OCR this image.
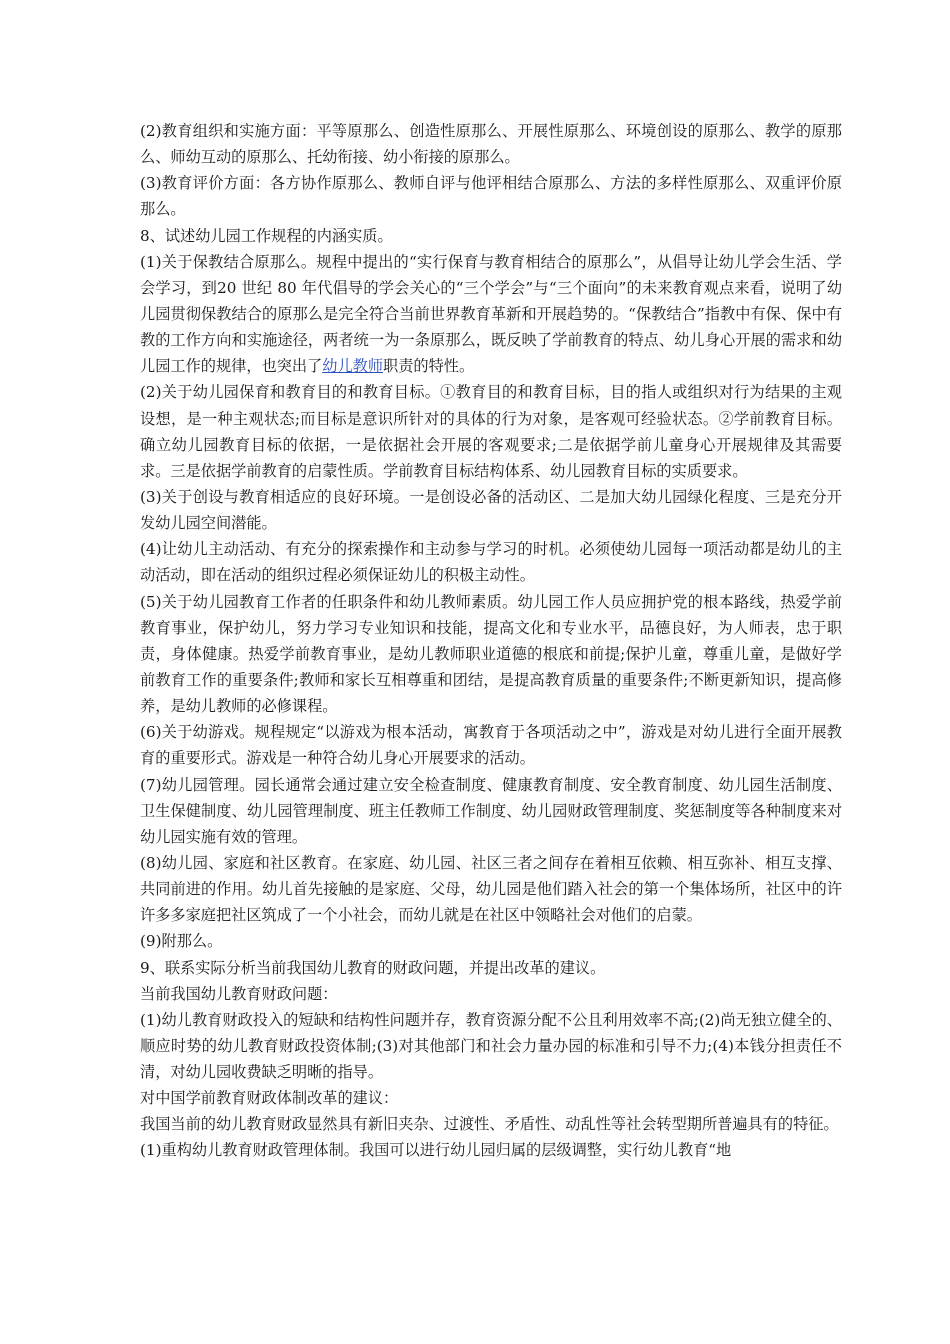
(2)教育组织和实施方面：平等原那么、创造性原那么、开展性原那么、环境创设的原那么、教学的原那么、师幼互动的原那么、托幼衔接、幼小衔接的原那么。

(3)教育评价方面：各方协作原那么、教师自评与他评相结合原那么、方法的多样性原那么、双重评价原那么。

8、试述幼儿园工作规程的内涵实质。

(1)关于保教结合原那么。规程中提出的“实行保育与教育相结合的原那么”，从倡导让幼儿学会生活、学会学习，到20 世纪 80 年代倡导的学会关心的“三个学会”与“三个面向”的未来教育观点来看，说明了幼儿园贯彻保教结合的原那么是完全符合当前世界教育革新和开展趋势的。“保教结合”指教中有保、保中有教的工作方向和实施途径，两者统一为一条原那么，既反映了学前教育的特点、幼儿身心开展的需求和幼儿园工作的规律，也突出了幼儿教师职责的特性。

(2)关于幼儿园保育和教育目的和教育目标。①教育目的和教育目标，目的指人或组织对行为结果的主观设想，是一种主观状态;而目标是意识所针对的具体的行为对象，是客观可经验状态。②学前教育目标。确立幼儿园教育目标的依据，一是依据社会开展的客观要求;二是依据学前儿童身心开展规律及其需要求。三是依据学前教育的启蒙性质。学前教育目标结构体系、幼儿园教育目标的实质要求。

(3)关于创设与教育相适应的良好环境。一是创设必备的活动区、二是加大幼儿园绿化程度、三是充分开发幼儿园空间潜能。

(4)让幼儿主动活动、有充分的探索操作和主动参与学习的时机。必须使幼儿园每一项活动都是幼儿的主动活动，即在活动的组织过程必须保证幼儿的积极主动性。

(5)关于幼儿园教育工作者的任职条件和幼儿教师素质。幼儿园工作人员应拥护党的根本路线，热爱学前教育事业，保护幼儿，努力学习专业知识和技能，提高文化和专业水平，品德良好，为人师表，忠于职责，身体健康。热爱学前教育事业，是幼儿教师职业道德的根底和前提;保护儿童，尊重儿童，是做好学前教育工作的重要条件;教师和家长互相尊重和团结，是提高教育质量的重要条件;不断更新知识，提高修养，是幼儿教师的必修课程。

(6)关于幼游戏。规程规定“以游戏为根本活动，寓教育于各项活动之中”，游戏是对幼儿进行全面开展教育的重要形式。游戏是一种符合幼儿身心开展要求的活动。

(7)幼儿园管理。园长通常会通过建立安全检查制度、健康教育制度、安全教育制度、幼儿园生活制度、卫生保健制度、幼儿园管理制度、班主任教师工作制度、幼儿园财政管理制度、奖惩制度等各种制度来对幼儿园实施有效的管理。

(8)幼儿园、家庭和社区教育。在家庭、幼儿园、社区三者之间存在着相互依赖、相互弥补、相互支撑、共同前进的作用。幼儿首先接触的是家庭、父母，幼儿园是他们踏入社会的第一个集体场所，社区中的许许多多家庭把社区筑成了一个小社会，而幼儿就是在社区中领略社会对他们的启蒙。

(9)附那么。

9、联系实际分析当前我国幼儿教育的财政问题，并提出改革的建议。

当前我国幼儿教育财政问题：

(1)幼儿教育财政投入的短缺和结构性问题并存，教育资源分配不公且利用效率不高;(2)尚无独立健全的、顺应时势的幼儿教育财政投资体制;(3)对其他部门和社会力量办园的标准和引导不力;(4)本钱分担责任不清，对幼儿园收费缺乏明晰的指导。

对中国学前教育财政体制改革的建议：

我国当前的幼儿教育财政显然具有新旧夹杂、过渡性、矛盾性、动乱性等社会转型期所普遍具有的特征。

(1)重构幼儿教育财政管理体制。我国可以进行幼儿园归属的层级调整，实行幼儿教育“地
